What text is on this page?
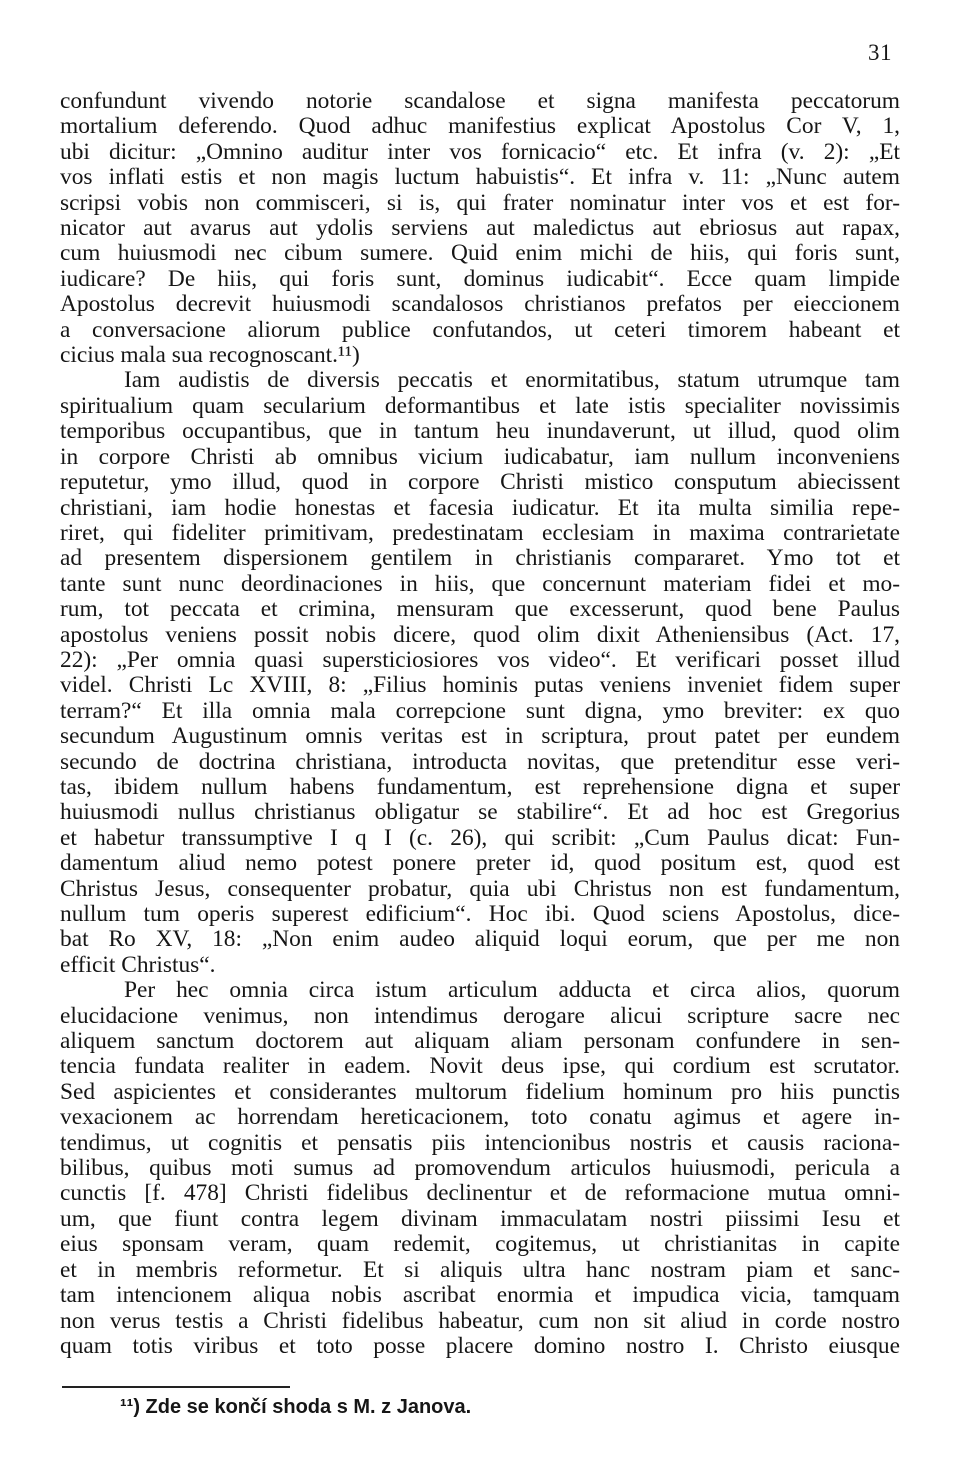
31
confundunt vivendo notorie scandalose et signa manifesta peccatorum
mortalium deferendo. Quod adhuc manifestius explicat Apostolus Cor V, 1,
ubi dicitur: „Omnino auditur inter vos fornicacio“ etc. Et infra (v. 2): „Et
vos inflati estis et non magis luctum habuistis“. Et infra v. 11: „Nunc autem
scripsi vobis non commisceri, si is, qui frater nominatur inter vos et est for-
nicator aut avarus aut ydolis serviens aut maledictus aut ebriosus aut rapax,
cum huiusmodi nec cibum sumere. Quid enim michi de hiis, qui foris sunt,
iudicare? De hiis, qui foris sunt, dominus iudicabit“. Ecce quam limpide
Apostolus decrevit huiusmodi scandalosos christianos prefatos per eieccionem
a conversacione aliorum publice confutandos, ut ceteri timorem habeant et
cicius mala sua recognoscant.¹¹)
Iam audistis de diversis peccatis et enormitatibus, statum utrumque tam
spiritualium quam secularium deformantibus et late istis specialiter novissimis
temporibus occupantibus, que in tantum heu inundaverunt, ut illud, quod olim
in corpore Christi ab omnibus vicium iudicabatur, iam nullum inconveniens
reputetur, ymo illud, quod in corpore Christi mistico consputum abiecissent
christiani, iam hodie honestas et facesia iudicatur. Et ita multa similia repe-
riret, qui fideliter primitivam, predestinatam ecclesiam in maxima contrarietate
ad presentem dispersionem gentilem in christianis compararet. Ymo tot et
tante sunt nunc deordinaciones in hiis, que concernunt materiam fidei et mo-
rum, tot peccata et crimina, mensuram que excesserunt, quod bene Paulus
apostolus veniens possit nobis dicere, quod olim dixit Atheniensibus (Act. 17,
22): „Per omnia quasi supersticiosiores vos video“. Et verificari posset illud
videl. Christi Lc XVIII, 8: „Filius hominis putas veniens inveniet fidem super
terram?“ Et illa omnia mala correpcione sunt digna, ymo breviter: ex quo
secundum Augustinum omnis veritas est in scriptura, prout patet per eundem
secundo de doctrina christiana, introducta novitas, que pretenditur esse veri-
tas, ibidem nullum habens fundamentum, est reprehensione digna et super
huiusmodi nullus christianus obligatur se stabilire“. Et ad hoc est Gregorius
et habetur transsumptive I q I (c. 26), qui scribit: „Cum Paulus dicat: Fun-
damentum aliud nemo potest ponere preter id, quod positum est, quod est
Christus Jesus, consequenter probatur, quia ubi Christus non est fundamentum,
nullum tum operis superest edificium“. Hoc ibi. Quod sciens Apostolus, dice-
bat Ro XV, 18: „Non enim audeo aliquid loqui eorum, que per me non
efficit Christus“.
Per hec omnia circa istum articulum adducta et circa alios, quorum
elucidacione venimus, non intendimus derogare alicui scripture sacre nec
aliquem sanctum doctorem aut aliquam aliam personam confundere in sen-
tencia fundata realiter in eadem. Novit deus ipse, qui cordium est scrutator.
Sed aspicientes et considerantes multorum fidelium hominum pro hiis punctis
vexacionem ac horrendam hereticacionem, toto conatu agimus et agere in-
tendimus, ut cognitis et pensatis piis intencionibus nostris et causis raciona-
bilibus, quibus moti sumus ad promovendum articulos huiusmodi, pericula a
cunctis [f. 478] Christi fidelibus declinentur et de reformacione mutua omni-
um, que fiunt contra legem divinam immaculatam nostri piissimi Iesu et
eius sponsam veram, quam redemit, cogitemus, ut christianitas in capite
et in membris reformetur. Et si aliquis ultra hanc nostram piam et sanc-
tam intencionem aliqua nobis ascribat enormia et impudica vicia, tamquam
non verus testis a Christi fidelibus habeatur, cum non sit aliud in corde nostro
quam totis viribus et toto posse placere domino nostro I. Christo eiusque
¹¹) Zde se končí shoda s M. z Janova.
